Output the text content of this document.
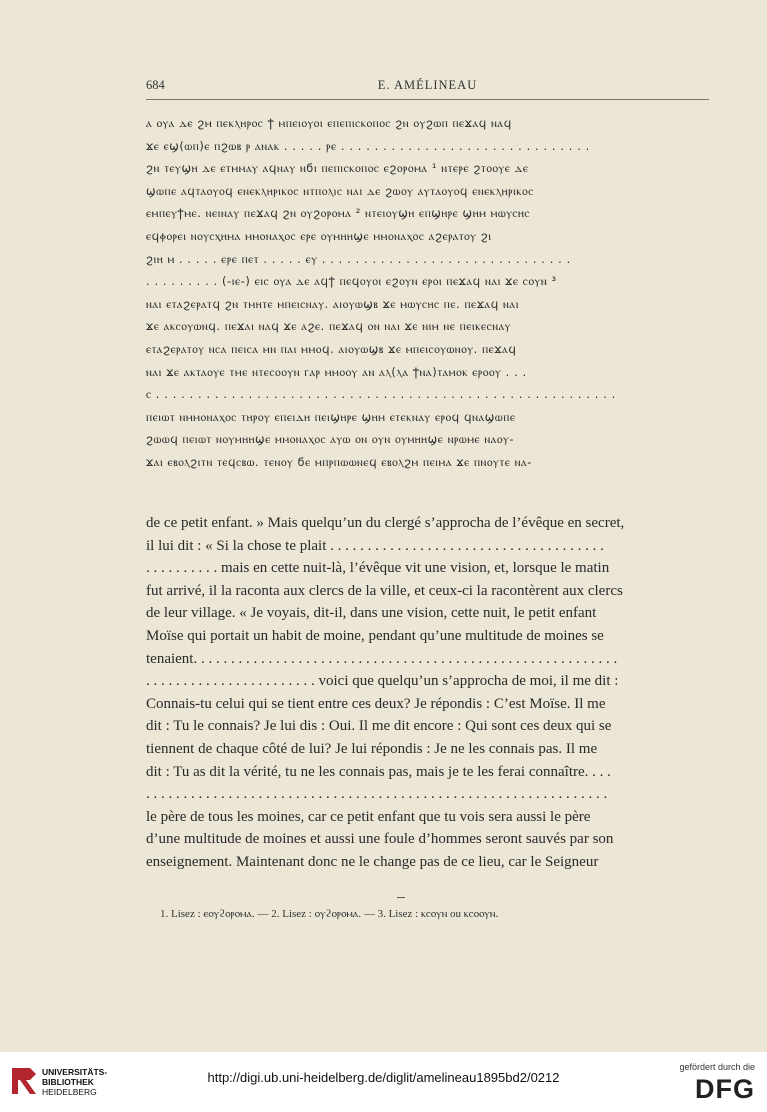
684	E. AMÉLINEAU
ⲁ ⲟⲩⲁ ⲇⲉ ϩⲙ ⲡⲉⲕⲗⲏⲣⲟⲥ ϯ ⲙⲡⲉⲓⲟⲩⲟⲓ ⲉⲡⲉⲡⲓⲥⲕⲟⲡⲟⲥ ϩⲛ ⲟⲩϩⲱⲡ ⲡⲉϫⲁϥ ⲛⲁϥ
ϫⲉ ⲉϣ(ⲱⲡ)ⲉ ⲡϩⲱⲃ ⲣ ⲁⲛⲁⲕ . . . . . ⲣⲉ . . . . . . . . . . . . . . . . . . . . . . . . . . . . . .
ϩⲛ ⲧⲉⲩϣⲏ ⲇⲉ ⲉⲧⲙⲙⲁⲩ ⲁϥⲛⲁⲩ ⲛϭⲓ ⲡⲉⲡⲓⲥⲕⲟⲡⲟⲥ ⲉϩⲟⲣⲟⲙⲁ ¹ ⲛⲧⲉⲣⲉ ϩⲧⲟⲟⲩⲉ ⲇⲉ
ϣⲱⲡⲉ ⲁϥⲧⲁⲟⲩⲟϥ ⲉⲛⲉⲕⲗⲏⲣⲓⲕⲟⲥ ⲛⲧⲡⲟⲗⲓⲥ ⲛⲁⲓ ⲇⲉ ϩⲱⲟⲩ ⲁⲩⲧⲁⲟⲩⲟϥ ⲉⲛⲉⲕⲗⲏⲣⲓⲕⲟⲥ
ⲉⲙⲡⲉⲩϯⲙⲉ. ⲛⲉⲓⲛⲁⲩ ⲡⲉϫⲁϥ ϩⲛ ⲟⲩϩⲟⲣⲟⲙⲁ ² ⲛⲧⲉⲓⲟⲩϣⲏ ⲉⲡϣⲏⲣⲉ ϣⲏⲙ ⲙⲱⲩⲥⲏⲥ
ⲉϥⲫⲟⲣⲉⲓ ⲛⲟⲩⲥⲭⲏⲙⲁ ⲙⲙⲟⲛⲁⲭⲟⲥ ⲉⲣⲉ ⲟⲩⲙⲏⲏϣⲉ ⲙⲙⲟⲛⲁⲭⲟⲥ ⲁϩⲉⲣⲁⲧⲟⲩ ϩⲓ
ϩⲓⲏ ⲙ . . . . . ⲉⲣⲉ ⲡⲉⲧ . . . . . ⲉⲩ . . . . . . . . . . . . . . . . . . . . . . . . . . . . . .
. . . . . . . . . (-ⲓⲉ-) ⲉⲓⲥ ⲟⲩⲁ ⲇⲉ ⲁϥϯ ⲡⲉϥⲟⲩⲟⲓ ⲉϩⲟⲩⲛ ⲉⲣⲟⲓ ⲡⲉϫⲁϥ ⲛⲁⲓ ϫⲉ ⲥⲟⲩⲛ ³
ⲛⲁⲓ ⲉⲧⲁϩⲉⲣⲁⲧϥ ϩⲛ ⲧⲙⲏⲧⲉ ⲙⲡⲉⲓⲥⲛⲁⲩ. ⲁⲓⲟⲩⲱϣⲃ ϫⲉ ⲙⲱⲩⲥⲏⲥ ⲡⲉ. ⲡⲉϫⲁϥ ⲛⲁⲓ
ϫⲉ ⲁⲕⲥⲟⲩⲱⲛϥ. ⲡⲉϫⲁⲓ ⲛⲁϥ ϫⲉ ⲁϩⲉ. ⲡⲉϫⲁϥ ⲟⲛ ⲛⲁⲓ ϫⲉ ⲛⲓⲙ ⲛⲉ ⲡⲉⲓⲕⲉⲥⲛⲁⲩ
ⲉⲧⲁϩⲉⲣⲁⲧⲟⲩ ⲛⲥⲁ ⲡⲉⲓⲥⲁ ⲙⲛ ⲡⲁⲓ ⲙⲙⲟϥ. ⲁⲓⲟⲩⲱϣⲃ ϫⲉ ⲙⲡⲉⲓⲥⲟⲩⲱⲛⲟⲩ. ⲡⲉϫⲁϥ
ⲛⲁⲓ ϫⲉ ⲁⲕⲧⲁⲟⲩⲉ ⲧⲙⲉ ⲛⲧⲉⲥⲟⲟⲩⲛ ⲅⲁⲣ ⲙⲙⲟⲟⲩ ⲁⲛ ⲁⲗ(ⲗⲁ ϯⲛⲁ)ⲧⲁⲙⲟⲕ ⲉⲣⲟⲟⲩ . . .
ⲥ . . . . . . . . . . . . . . . . . . . . . . . . . . . . . . . . . . . . . . . . . . . . . . . . . . . . . . .
ⲡⲉⲓⲱⲧ ⲛⲙⲙⲟⲛⲁⲭⲟⲥ ⲧⲏⲣⲟⲩ ⲉⲡⲉⲓⲇⲏ ⲡⲉⲓϣⲏⲣⲉ ϣⲏⲙ ⲉⲧⲉⲕⲛⲁⲩ ⲉⲣⲟϥ ϥⲛⲁϣⲱⲡⲉ
ϩⲱⲱϥ ⲡⲉⲓⲱⲧ ⲛⲟⲩⲙⲏⲏϣⲉ ⲙⲙⲟⲛⲁⲭⲟⲥ ⲁⲩⲱ ⲟⲛ ⲟⲩⲛ ⲟⲩⲙⲏⲏϣⲉ ⲛⲣⲱⲙⲉ ⲛⲁⲟⲩ-
ϫⲁⲓ ⲉⲃⲟⲗϩⲓⲧⲛ ⲧⲉϥⲥⲃⲱ. ⲧⲉⲛⲟⲩ ϭⲉ ⲙⲡⲣⲡⲱⲱⲛⲉϥ ⲉⲃⲟⲗϩⲙ ⲡⲉⲓⲙⲁ ϫⲉ ⲡⲛⲟⲩⲧⲉ ⲛⲁ-
de ce petit enfant. » Mais quelqu’un du clergé s’approcha de l’évêque en secret,
il lui dit : « Si la chose te plait . . . . . . . . . . . . . . . . . . . . . . . . . . . . . . . . . . . . .
. . . . . . . . . . mais en cette nuit-là, l’évêque vit une vision, et, lorsque le matin
fut arrivé, il la raconta aux clercs de la ville, et ceux-ci la racontèrent aux clercs
de leur village. « Je voyais, dit-il, dans une vision, cette nuit, le petit enfant
Moïse qui portait un habit de moine, pendant qu’une multitude de moines se
tenaient. . . . . . . . . . . . . . . . . . . . . . . . . . . . . . . . . . . . . . . . . . . . . . . . . . . . . . . . .
. . . . . . . . . . . . . . . . . . . . . . . voici que quelqu’un s’approcha de moi, il me dit :
Connais-tu celui qui se tient entre ces deux? Je répondis : C’est Moïse. Il me
dit : Tu le connais? Je lui dis : Oui. Il me dit encore : Qui sont ces deux qui se
tiennent de chaque côté de lui? Je lui répondis : Je ne les connais pas. Il me
dit : Tu as dit la vérité, tu ne les connais pas, mais je te les ferai connaître. . . .
. . . . . . . . . . . . . . . . . . . . . . . . . . . . . . . . . . . . . . . . . . . . . . . . . . . . . . . . . . . . . .
le père de tous les moines, car ce petit enfant que tu vois sera aussi le père
d’une multitude de moines et aussi une foule d’hommes seront sauvés par son
enseignement. Maintenant donc ne le change pas de ce lieu, car le Seigneur
1. Lisez : ⲉⲟⲩϩⲟⲣⲟⲙⲁ. — 2. Lisez : ⲟⲩϩⲟⲣⲟⲙⲁ. — 3. Lisez : ⲕⲥⲟⲩⲛ ou ⲕⲥⲟⲟⲩⲛ.
UNIVERSITÄTS-
BIBLIOTHEK
HEIDELBERG
http://digi.ub.uni-heidelberg.de/diglit/amelineau1895bd2/0212
gefördert durch die
DFG
